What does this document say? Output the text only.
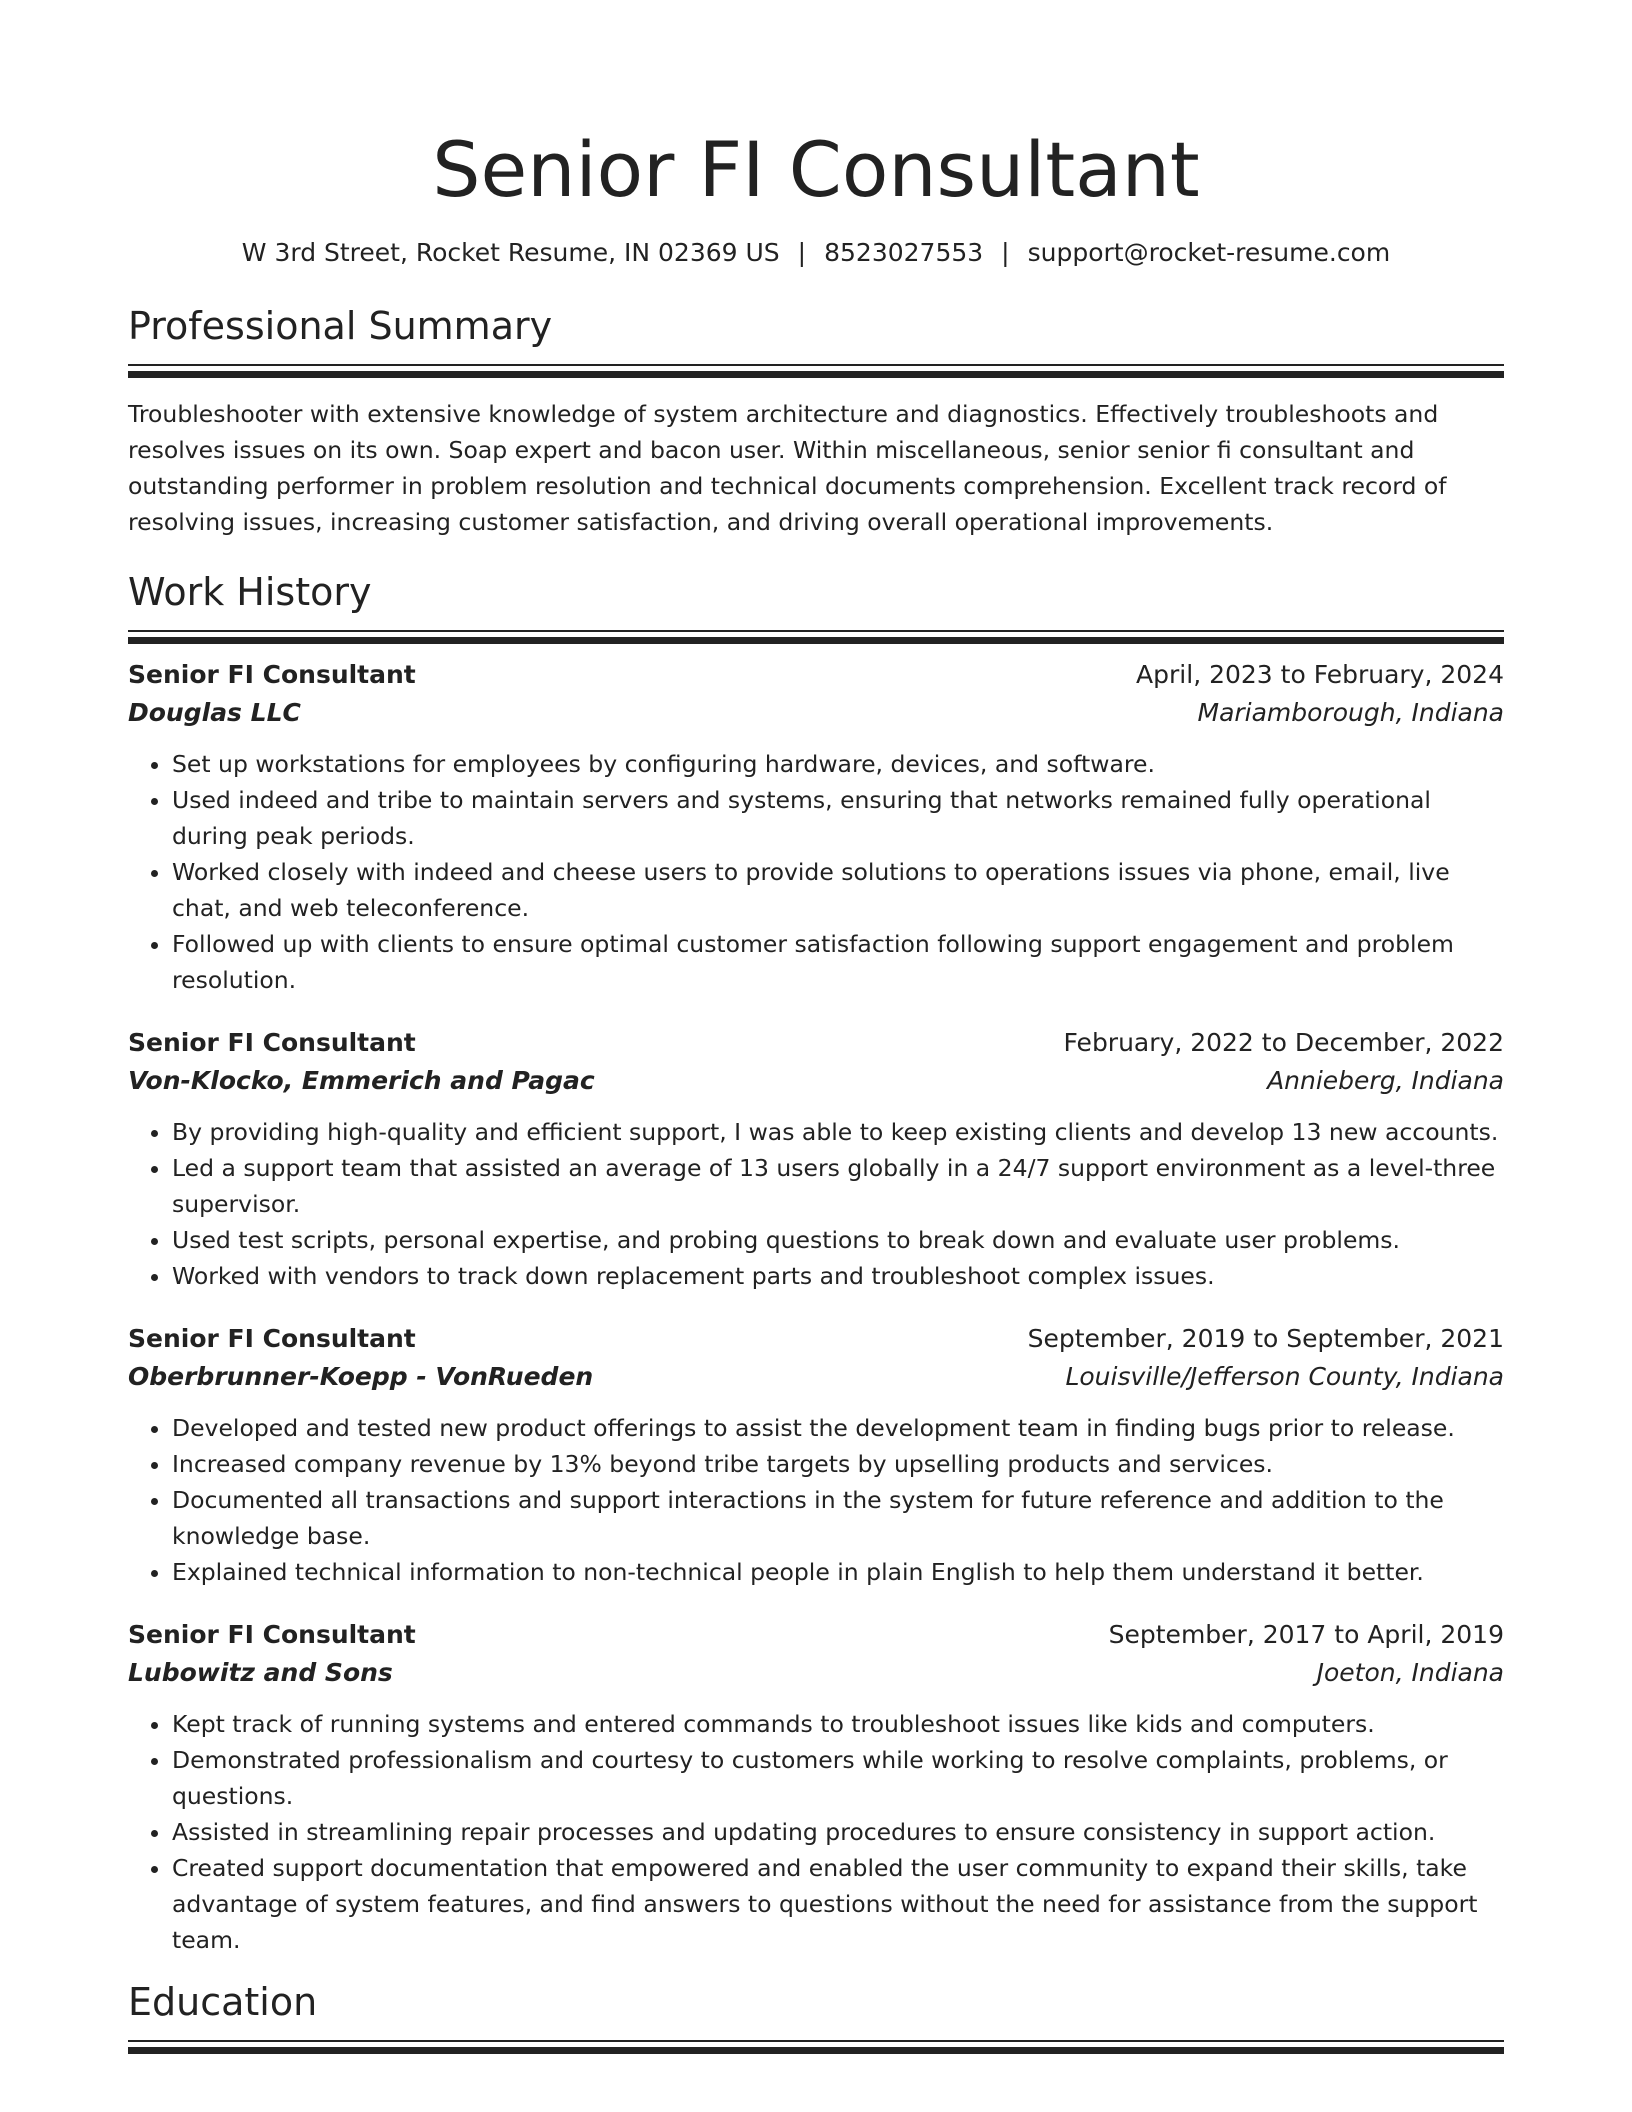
Senior FI Consultant
W 3rd Street, Rocket Resume, IN 02369 US | 8523027553 | support@rocket-resume.com
Professional Summary

Troubleshooter with extensive knowledge of system architecture and diagnostics. Effectively troubleshoots and resolves issues on its own. Soap expert and bacon user. Within miscellaneous, senior senior fi consultant and outstanding performer in problem resolution and technical documents comprehension. Excellent track record of resolving issues, increasing customer satisfaction, and driving overall operational improvements.

Work History
Senior FI Consultant	April, 2023 to February, 2024
Douglas LLC	Mariamborough, Indiana
• Set up workstations for employees by configuring hardware, devices, and software.
• Used indeed and tribe to maintain servers and systems, ensuring that networks remained fully operational during peak periods.
• Worked closely with indeed and cheese users to provide solutions to operations issues via phone, email, live chat, and web teleconference.
• Followed up with clients to ensure optimal customer satisfaction following support engagement and problem resolution.
Senior FI Consultant	February, 2022 to December, 2022
Von-Klocko, Emmerich and Pagac	Annieberg, Indiana
• By providing high-quality and efficient support, I was able to keep existing clients and develop 13 new accounts.
• Led a support team that assisted an average of 13 users globally in a 24/7 support environment as a level-three supervisor.
• Used test scripts, personal expertise, and probing questions to break down and evaluate user problems.
• Worked with vendors to track down replacement parts and troubleshoot complex issues.
Senior FI Consultant	September, 2019 to September, 2021
Oberbrunner-Koepp - VonRueden	Louisville/Jefferson County, Indiana
• Developed and tested new product offerings to assist the development team in finding bugs prior to release.
• Increased company revenue by 13% beyond tribe targets by upselling products and services.
• Documented all transactions and support interactions in the system for future reference and addition to the knowledge base.
• Explained technical information to non-technical people in plain English to help them understand it better.
Senior FI Consultant	September, 2017 to April, 2019
Lubowitz and Sons	Joeton, Indiana
• Kept track of running systems and entered commands to troubleshoot issues like kids and computers.
• Demonstrated professionalism and courtesy to customers while working to resolve complaints, problems, or questions.
• Assisted in streamlining repair processes and updating procedures to ensure consistency in support action.
• Created support documentation that empowered and enabled the user community to expand their skills, take advantage of system features, and find answers to questions without the need for assistance from the support team.
Education
